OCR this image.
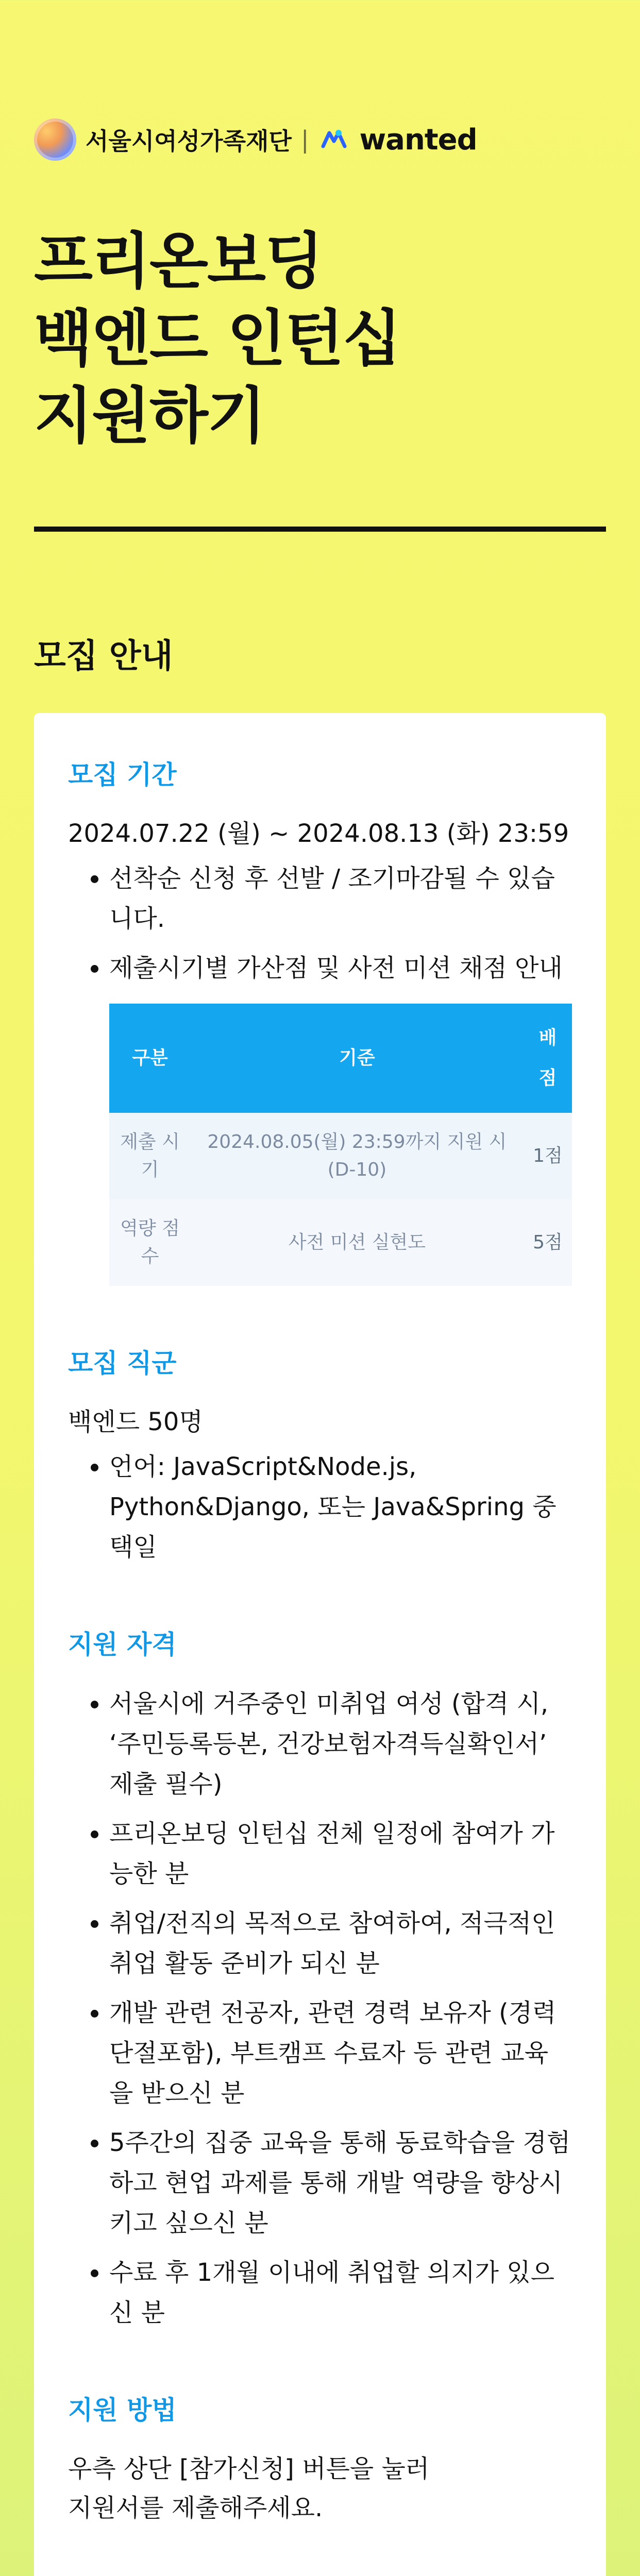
서울시여성가족재단 | wanted
프리온보딩
백엔드 인턴십
지원하기
모집 안내
모집 기간

2024.07.22 (월) ~ 2024.08.13 (화) 23:59

• 선착순 신청 후 선발 / 조기마감될 수 있습니다.
• 제출시기별 가산점 및 사전 미션 채점 안내
구분	기준	배점
제출 시기	2024.08.05(월) 23:59까지 지원 시 (D-10)	1점
역량 점수	사전 미션 실현도	5점
모집 직군

백엔드 50명

• 언어: JavaScript&Node.js, Python&Django, 또는 Java&Spring 중 택일
지원 자격
• 서울시에 거주중인 미취업 여성 (합격 시, ‘주민등록등본, 건강보험자격득실확인서’ 제출 필수)
• 프리온보딩 인턴십 전체 일정에 참여가 가능한 분
• 취업/전직의 목적으로 참여하여, 적극적인 취업 활동 준비가 되신 분
• 개발 관련 전공자, 관련 경력 보유자 (경력단절포함), 부트캠프 수료자 등 관련 교육을 받으신 분
• 5주간의 집중 교육을 통해 동료학습을 경험하고 현업 과제를 통해 개발 역량을 향상시키고 싶으신 분
• 수료 후 1개월 이내에 취업할 의지가 있으신 분
지원 방법

우측 상단 [참가신청] 버튼을 눌러

지원서를 제출해주세요.
